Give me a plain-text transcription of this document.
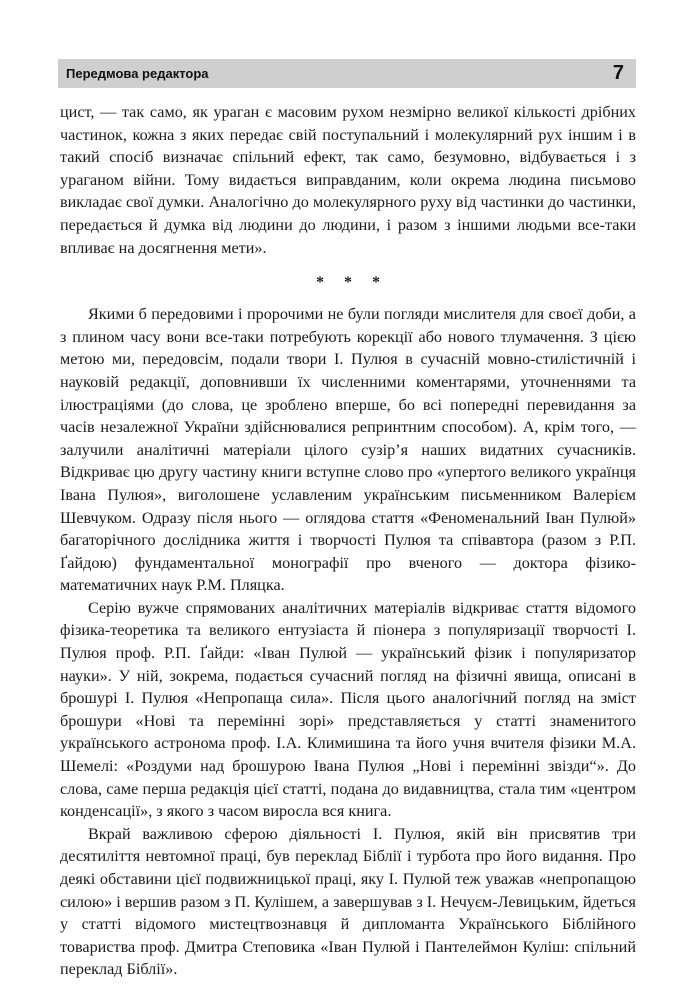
Передмова редактора	7

цист, — так само, як ураган є масовим рухом незмірно великої кількості дрібних частинок, кожна з яких передає свій поступальний і молекулярний рух іншим і в такий спосіб визначає спільний ефект, так само, безумовно, відбувається і з ураганом війни. Тому видається виправданим, коли окрема людина письмово викладає свої думки. Аналогічно до молекулярного руху від частинки до частинки, передається й думка від людини до людини, і разом з іншими людьми все-таки впливає на досягнення мети».

* * *

Якими б передовими і пророчими не були погляди мислителя для своєї доби, а з плином часу вони все-таки потребують корекції або нового тлумачення. З цією метою ми, передовсім, подали твори І. Пулюя в сучасній мовно-стилістичній і науковій редакції, доповнивши їх численними коментарями, уточненнями та ілюстраціями (до слова, це зроблено вперше, бо всі попередні перевидання за часів незалежної України здійснювалися репринтним способом). А, крім того, — залучили аналітичні матеріали цілого сузір’я наших видатних сучасників. Відкриває цю другу частину книги вступне слово про «упертого великого українця Івана Пулюя», виголошене уславленим українським письменником Валерієм Шевчуком. Одразу після нього — оглядова стаття «Феноменальний Іван Пулюй» багаторічного дослідника життя і творчості Пулюя та співавтора (разом з Р.П. Ґайдою) фундаментальної монографії про вченого — доктора фізико-математичних наук Р.М. Пляцка.

Серію вужче спрямованих аналітичних матеріалів відкриває стаття відомого фізика-теоретика та великого ентузіаста й піонера з популяризації творчості І. Пулюя проф. Р.П. Ґайди: «Іван Пулюй — український фізик і популяризатор науки». У ній, зокрема, подається сучасний погляд на фізичні явища, описані в брошурі І. Пулюя «Непропаща сила». Після цього аналогічний погляд на зміст брошури «Нові та перемінні зорі» представляється у статті знаменитого українського астронома проф. І.А. Климишина та його учня вчителя фізики М.А. Шемелі: «Роздуми над брошурою Івана Пулюя „Нові і перемінні звізди“». До слова, саме перша редакція цієї статті, подана до видавництва, стала тим «центром конденсації», з якого з часом виросла вся книга.

Вкрай важливою сферою діяльності І. Пулюя, якій він присвятив три десятиліття невтомної праці, був переклад Біблії і турбота про його видання. Про деякі обставини цієї подвижницької праці, яку І. Пулюй теж уважав «непропащою силою» і вершив разом з П. Кулішем, а завершував з І. Нечуєм-Левицьким, йдеться у статті відомого мистецтвознавця й дипломанта Українського Біблійного товариства проф. Дмитра Степовика «Іван Пулюй і Пантелеймон Куліш: спільний переклад Біблії».
